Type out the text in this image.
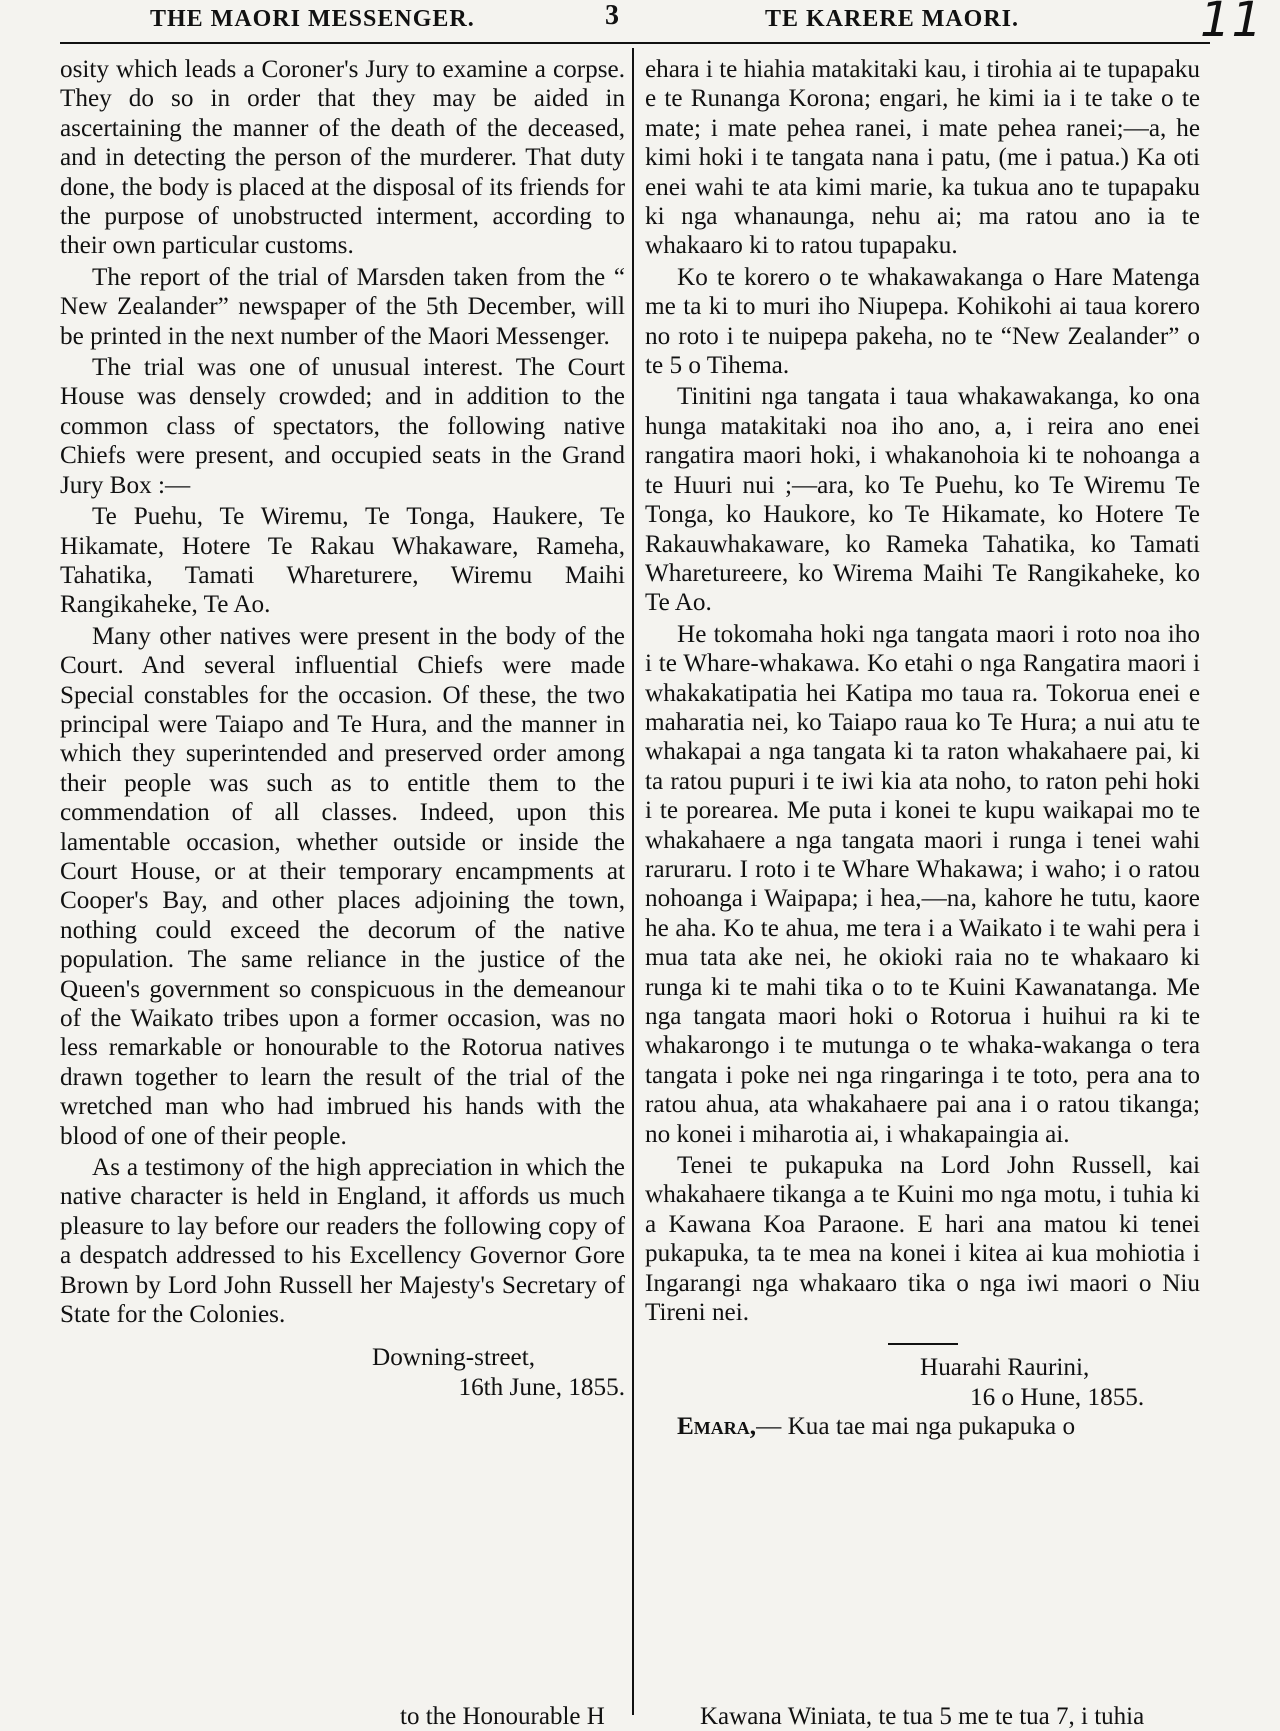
THE MAORI MESSENGER.	3	TE KARERE MAORI.	11

osity which leads a Coroner's Jury to examine a corpse. They do so in order that they may be aided in ascertaining the manner of the death of the deceased, and in detecting the person of the murderer. That duty done, the body is placed at the disposal of its friends for the purpose of unobstructed interment, according to their own particular customs.

The report of the trial of Marsden taken from the “ New Zealander” newspaper of the 5th December, will be printed in the next number of the Maori Messenger.

The trial was one of unusual interest. The Court House was densely crowded; and in addition to the common class of spectators, the following native Chiefs were present, and occupied seats in the Grand Jury Box :—

Te Puehu, Te Wiremu, Te Tonga, Haukere, Te Hikamate, Hotere Te Rakau Whakaware, Rameha, Tahatika, Tamati Whareturere, Wiremu Maihi Rangikaheke, Te Ao.

Many other natives were present in the body of the Court. And several influential Chiefs were made Special constables for the occasion. Of these, the two principal were Taiapo and Te Hura, and the manner in which they superintended and preserved order among their people was such as to entitle them to the commendation of all classes. Indeed, upon this lamentable occasion, whether outside or inside the Court House, or at their temporary encampments at Cooper's Bay, and other places adjoining the town, nothing could exceed the decorum of the native population. The same reliance in the justice of the Queen's government so conspicuous in the demeanour of the Waikato tribes upon a former occasion, was no less remarkable or honourable to the Rotorua natives drawn together to learn the result of the trial of the wretched man who had imbrued his hands with the blood of one of their people.

As a testimony of the high appreciation in which the native character is held in England, it affords us much pleasure to lay before our readers the following copy of a despatch addressed to his Excellency Governor Gore Brown by Lord John Russell her Majesty's Secretary of State for the Colonies.

Downing-street,
16th June, 1855.

ehara i te hiahia matakitaki kau, i tirohia ai te tupapaku e te Runanga Korona; engari, he kimi ia i te take o te mate; i mate pehea ranei, i mate pehea ranei;—a, he kimi hoki i te tangata nana i patu, (me i patua.) Ka oti enei wahi te ata kimi marie, ka tukua ano te tupapaku ki nga whanaunga, nehu ai; ma ratou ano ia te whakaaro ki to ratou tupapaku.

Ko te korero o te whakawakanga o Hare Matenga me ta ki to muri iho Niupepa. Kohikohi ai taua korero no roto i te nuipepa pakeha, no te “New Zealander” o te 5 o Tihema.

Tinitini nga tangata i taua whakawakanga, ko ona hunga matakitaki noa iho ano, a, i reira ano enei rangatira maori hoki, i whakanohoia ki te nohoanga a te Huuri nui ;—ara, ko Te Puehu, ko Te Wiremu Te Tonga, ko Haukore, ko Te Hikamate, ko Hotere Te Rakauwhakaware, ko Rameka Tahatika, ko Tamati Wharetureere, ko Wirema Maihi Te Rangikaheke, ko Te Ao.

He tokomaha hoki nga tangata maori i roto noa iho i te Whare-whakawa. Ko etahi o nga Rangatira maori i whakakatipatia hei Katipa mo taua ra. Tokorua enei e maharatia nei, ko Taiapo raua ko Te Hura; a nui atu te whakapai a nga tangata ki ta raton whakahaere pai, ki ta ratou pupuri i te iwi kia ata noho, to raton pehi hoki i te porearea. Me puta i konei te kupu waikapai mo te whakahaere a nga tangata maori i runga i tenei wahi raruraru. I roto i te Whare Whakawa; i waho; i o ratou nohoanga i Waipapa; i hea,—na, kahore he tutu, kaore he aha. Ko te ahua, me tera i a Waikato i te wahi pera i mua tata ake nei, he okioki raia no te whakaaro ki runga ki te mahi tika o to te Kuini Kawanatanga. Me nga tangata maori hoki o Rotorua i huihui ra ki te whakarongo i te mutunga o te whaka-wakanga o tera tangata i poke nei nga ringaringa i te toto, pera ana to ratou ahua, ata whakahaere pai ana i o ratou tikanga; no konei i miharotia ai, i whakapaingia ai.

Tenei te pukapuka na Lord John Russell, kai whakahaere tikanga a te Kuini mo nga motu, i tuhia ki a Kawana Koa Paraone. E hari ana matou ki tenei pukapuka, ta te mea na konei i kitea ai kua mohiotia i Ingarangi nga whakaaro tika o nga iwi maori o Niu Tireni nei.

Huarahi Raurini,
16 o Hune, 1855.

Emara,— Kua tae mai nga pukapuka o

to the Honourable H	Kawana Winiata, te tua 5 me te tua 7, i tuhia
